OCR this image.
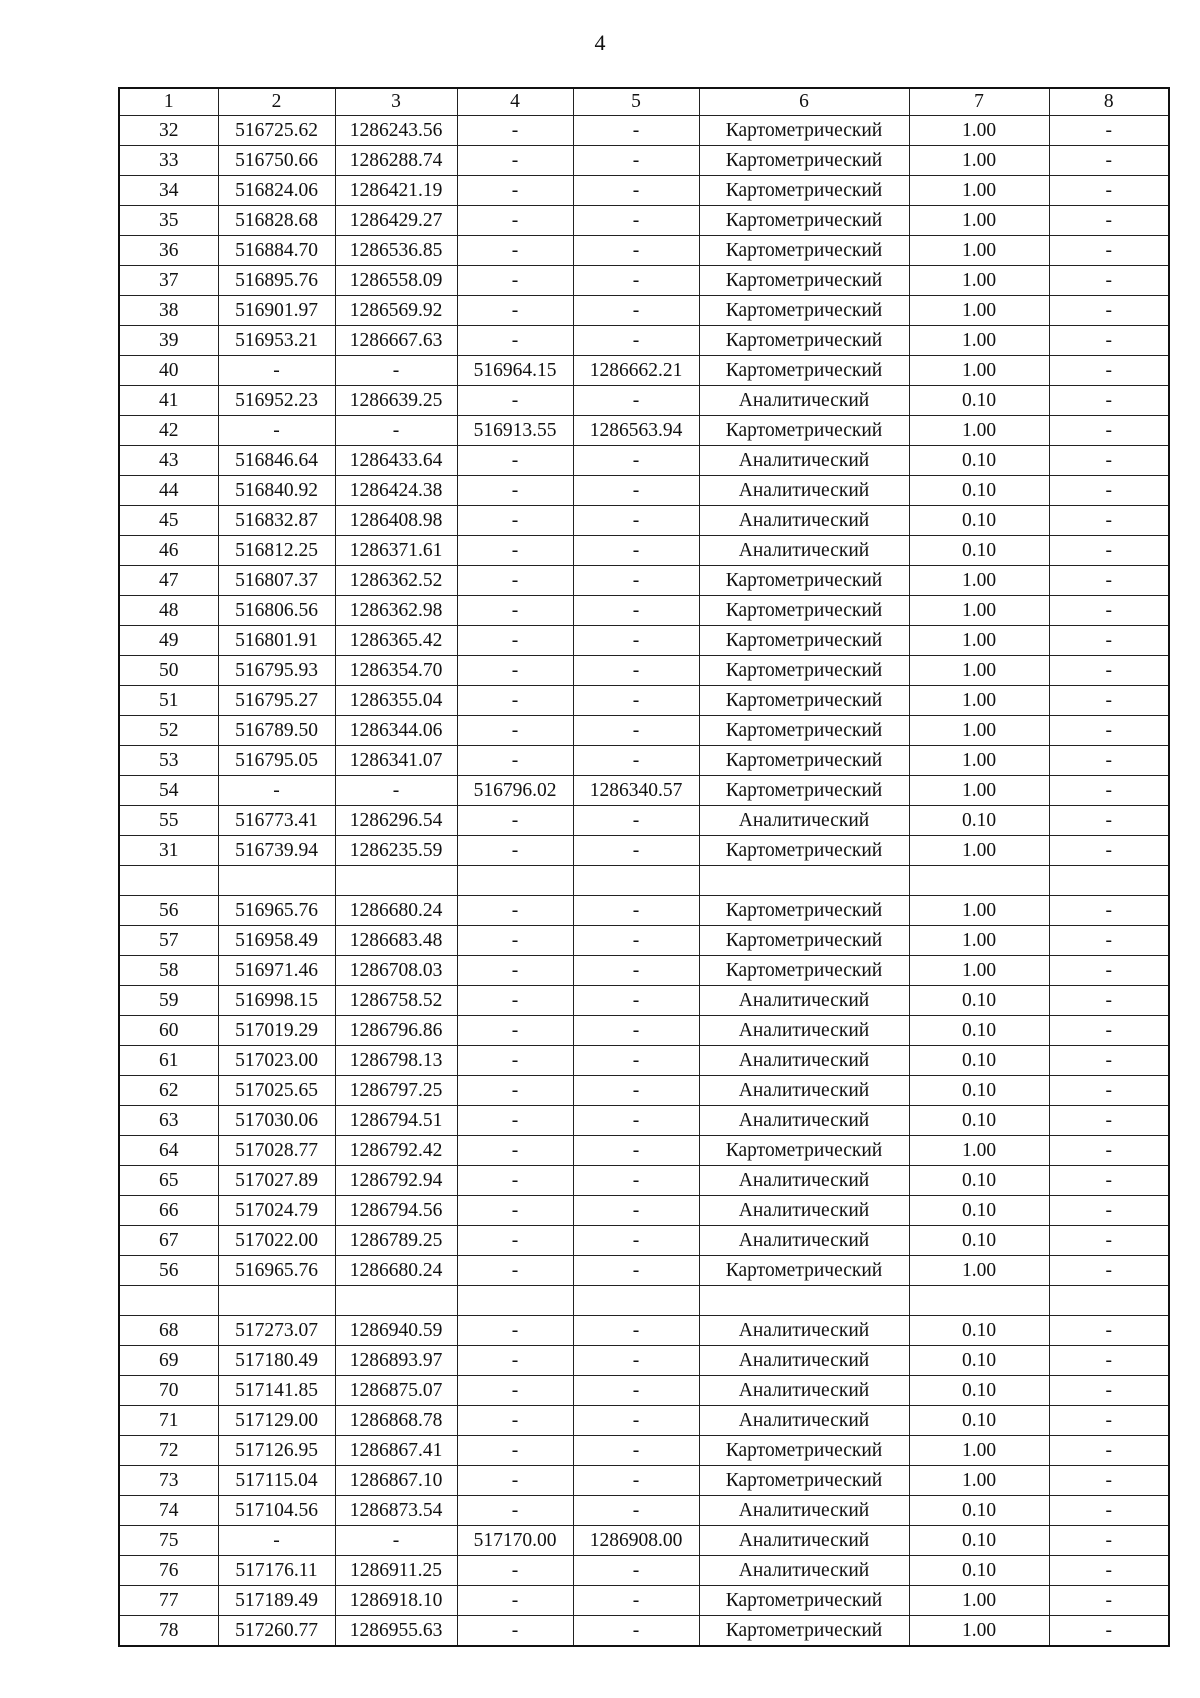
4
1	2	3	4	5	6	7	8
32	516725.62	1286243.56	-	-	Картометрический	1.00	-
33	516750.66	1286288.74	-	-	Картометрический	1.00	-
34	516824.06	1286421.19	-	-	Картометрический	1.00	-
35	516828.68	1286429.27	-	-	Картометрический	1.00	-
36	516884.70	1286536.85	-	-	Картометрический	1.00	-
37	516895.76	1286558.09	-	-	Картометрический	1.00	-
38	516901.97	1286569.92	-	-	Картометрический	1.00	-
39	516953.21	1286667.63	-	-	Картометрический	1.00	-
40	-	-	516964.15	1286662.21	Картометрический	1.00	-
41	516952.23	1286639.25	-	-	Аналитический	0.10	-
42	-	-	516913.55	1286563.94	Картометрический	1.00	-
43	516846.64	1286433.64	-	-	Аналитический	0.10	-
44	516840.92	1286424.38	-	-	Аналитический	0.10	-
45	516832.87	1286408.98	-	-	Аналитический	0.10	-
46	516812.25	1286371.61	-	-	Аналитический	0.10	-
47	516807.37	1286362.52	-	-	Картометрический	1.00	-
48	516806.56	1286362.98	-	-	Картометрический	1.00	-
49	516801.91	1286365.42	-	-	Картометрический	1.00	-
50	516795.93	1286354.70	-	-	Картометрический	1.00	-
51	516795.27	1286355.04	-	-	Картометрический	1.00	-
52	516789.50	1286344.06	-	-	Картометрический	1.00	-
53	516795.05	1286341.07	-	-	Картометрический	1.00	-
54	-	-	516796.02	1286340.57	Картометрический	1.00	-
55	516773.41	1286296.54	-	-	Аналитический	0.10	-
31	516739.94	1286235.59	-	-	Картометрический	1.00	-

56	516965.76	1286680.24	-	-	Картометрический	1.00	-
57	516958.49	1286683.48	-	-	Картометрический	1.00	-
58	516971.46	1286708.03	-	-	Картометрический	1.00	-
59	516998.15	1286758.52	-	-	Аналитический	0.10	-
60	517019.29	1286796.86	-	-	Аналитический	0.10	-
61	517023.00	1286798.13	-	-	Аналитический	0.10	-
62	517025.65	1286797.25	-	-	Аналитический	0.10	-
63	517030.06	1286794.51	-	-	Аналитический	0.10	-
64	517028.77	1286792.42	-	-	Картометрический	1.00	-
65	517027.89	1286792.94	-	-	Аналитический	0.10	-
66	517024.79	1286794.56	-	-	Аналитический	0.10	-
67	517022.00	1286789.25	-	-	Аналитический	0.10	-
56	516965.76	1286680.24	-	-	Картометрический	1.00	-

68	517273.07	1286940.59	-	-	Аналитический	0.10	-
69	517180.49	1286893.97	-	-	Аналитический	0.10	-
70	517141.85	1286875.07	-	-	Аналитический	0.10	-
71	517129.00	1286868.78	-	-	Аналитический	0.10	-
72	517126.95	1286867.41	-	-	Картометрический	1.00	-
73	517115.04	1286867.10	-	-	Картометрический	1.00	-
74	517104.56	1286873.54	-	-	Аналитический	0.10	-
75	-	-	517170.00	1286908.00	Аналитический	0.10	-
76	517176.11	1286911.25	-	-	Аналитический	0.10	-
77	517189.49	1286918.10	-	-	Картометрический	1.00	-
78	517260.77	1286955.63	-	-	Картометрический	1.00	-
